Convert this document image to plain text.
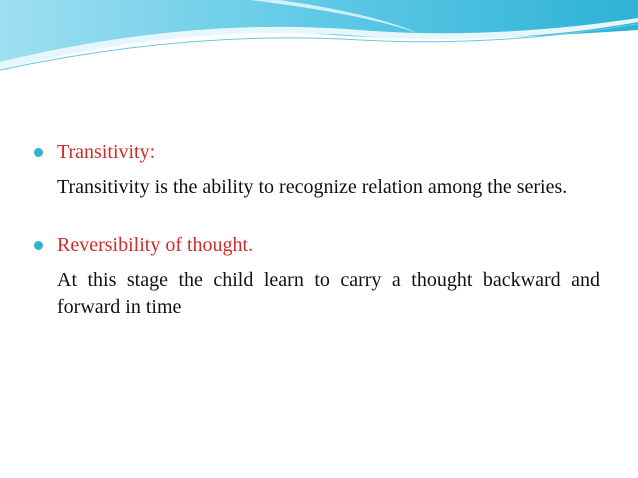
Transitivity:
Transitivity is the ability to recognize relation among the series.
Reversibility of thought.
At this stage the child learn to carry a thought backward and forward in time
